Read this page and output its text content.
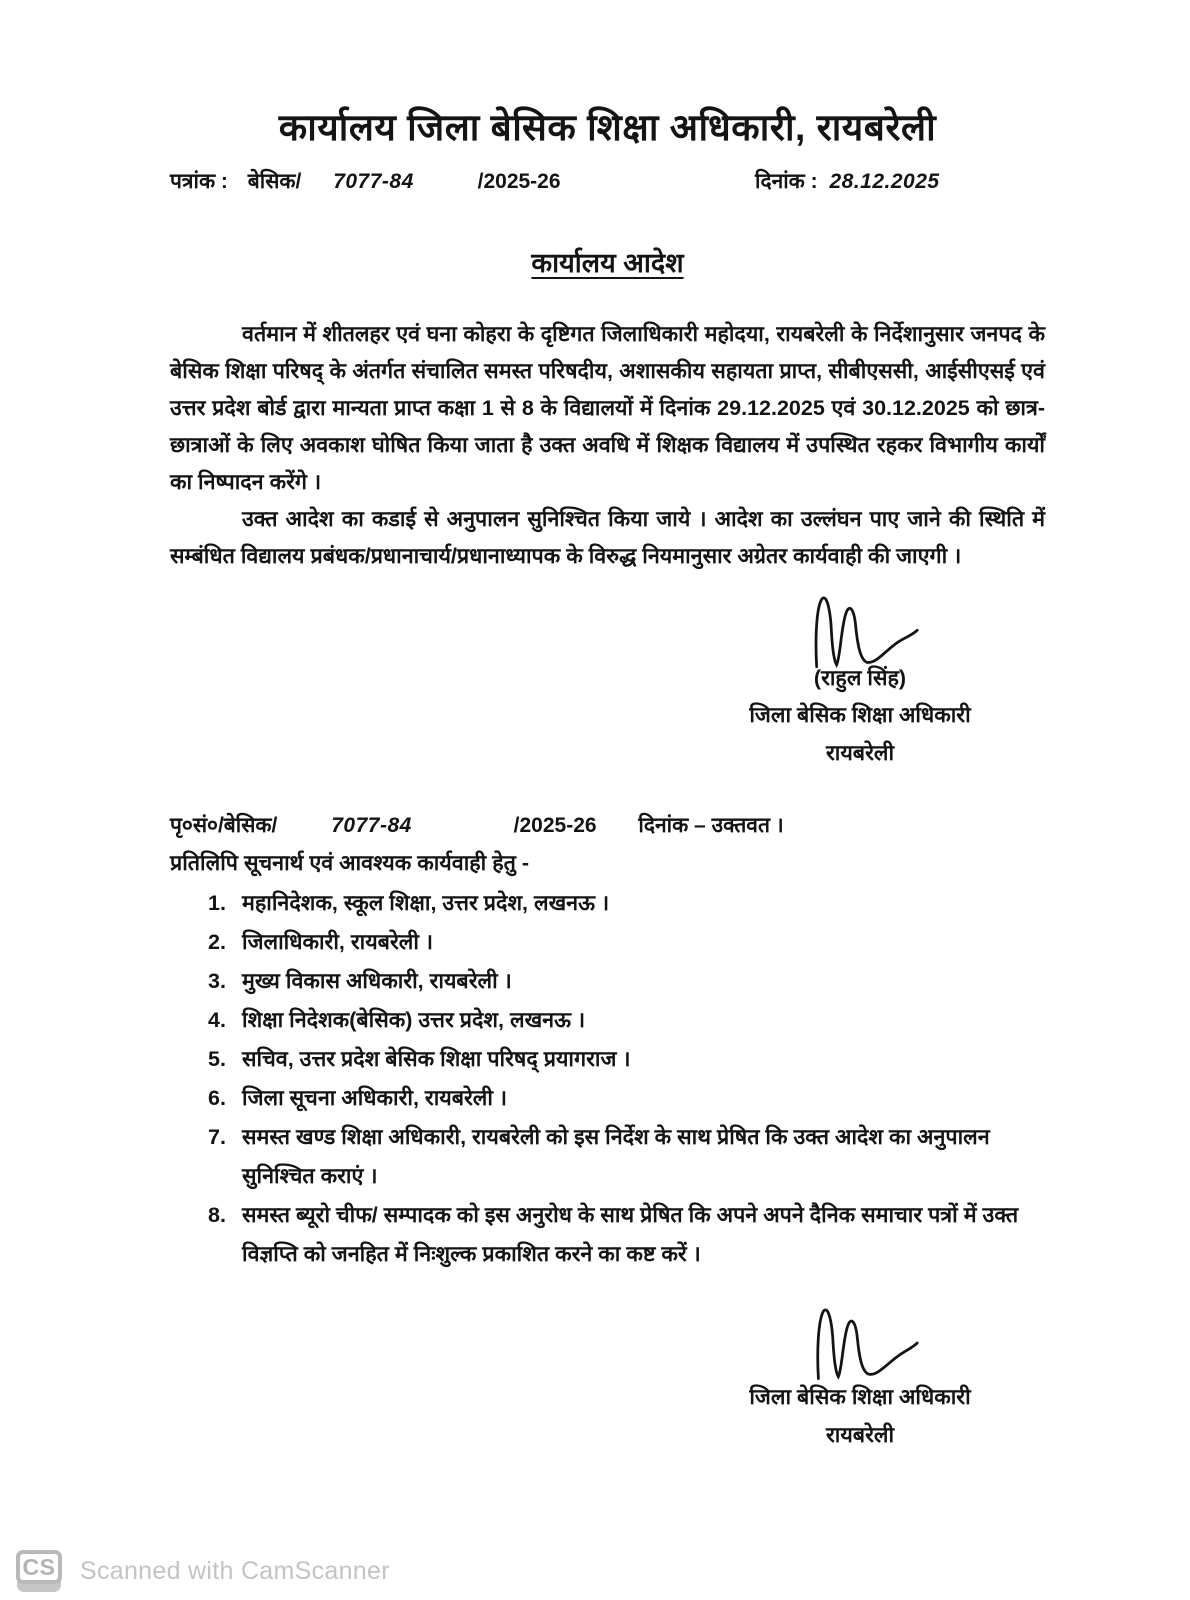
कार्यालय जिला बेसिक शिक्षा अधिकारी, रायबरेली
पत्रांक : बेसिक/ 7077-84	/2025-26	दिनांक : 28.12.2025
कार्यालय आदेश

वर्तमान में शीतलहर एवं घना कोहरा के दृष्टिगत जिलाधिकारी महोदया, रायबरेली के निर्देशानुसार जनपद के बेसिक शिक्षा परिषद् के अंतर्गत संचालित समस्त परिषदीय, अशासकीय सहायता प्राप्त, सीबीएससी, आईसीएसई एवं उत्तर प्रदेश बोर्ड द्वारा मान्यता प्राप्त कक्षा 1 से 8 के विद्यालयों में दिनांक 29.12.2025 एवं 30.12.2025 को छात्र-छात्राओं के लिए अवकाश घोषित किया जाता है उक्त अवधि में शिक्षक विद्यालय में उपस्थित रहकर विभागीय कार्यों का निष्पादन करेंगे ।

उक्त आदेश का कडाई से अनुपालन सुनिश्चित किया जाये । आदेश का उल्लंघन पाए जाने की स्थिति में सम्बंधित विद्यालय प्रबंधक/प्रधानाचार्य/प्रधानाध्यापक के विरुद्ध नियमानुसार अग्रेतर कार्यवाही की जाएगी ।

(राहुल सिंह)
जिला बेसिक शिक्षा अधिकारी
रायबरेली
पृ०सं०/बेसिक/	7077-84	/2025-26 दिनांक – उक्तवत ।
प्रतिलिपि सूचनार्थ एवं आवश्यक कार्यवाही हेतु -
1. महानिदेशक, स्कूल शिक्षा, उत्तर प्रदेश, लखनऊ ।
2. जिलाधिकारी, रायबरेली ।
3. मुख्य विकास अधिकारी, रायबरेली ।
4. शिक्षा निदेशक(बेसिक) उत्तर प्रदेश, लखनऊ ।
5. सचिव, उत्तर प्रदेश बेसिक शिक्षा परिषद् प्रयागराज ।
6. जिला सूचना अधिकारी, रायबरेली ।
7. समस्त खण्ड शिक्षा अधिकारी, रायबरेली को इस निर्देश के साथ प्रेषित कि उक्त आदेश का अनुपालन सुनिश्चित कराएं ।
8. समस्त ब्यूरो चीफ/ सम्पादक को इस अनुरोध के साथ प्रेषित कि अपने अपने दैनिक समाचार पत्रों में उक्त विज्ञप्ति को जनहित में निःशुल्क प्रकाशित करने का कष्ट करें ।
जिला बेसिक शिक्षा अधिकारी
रायबरेली
CS Scanned with CamScanner
